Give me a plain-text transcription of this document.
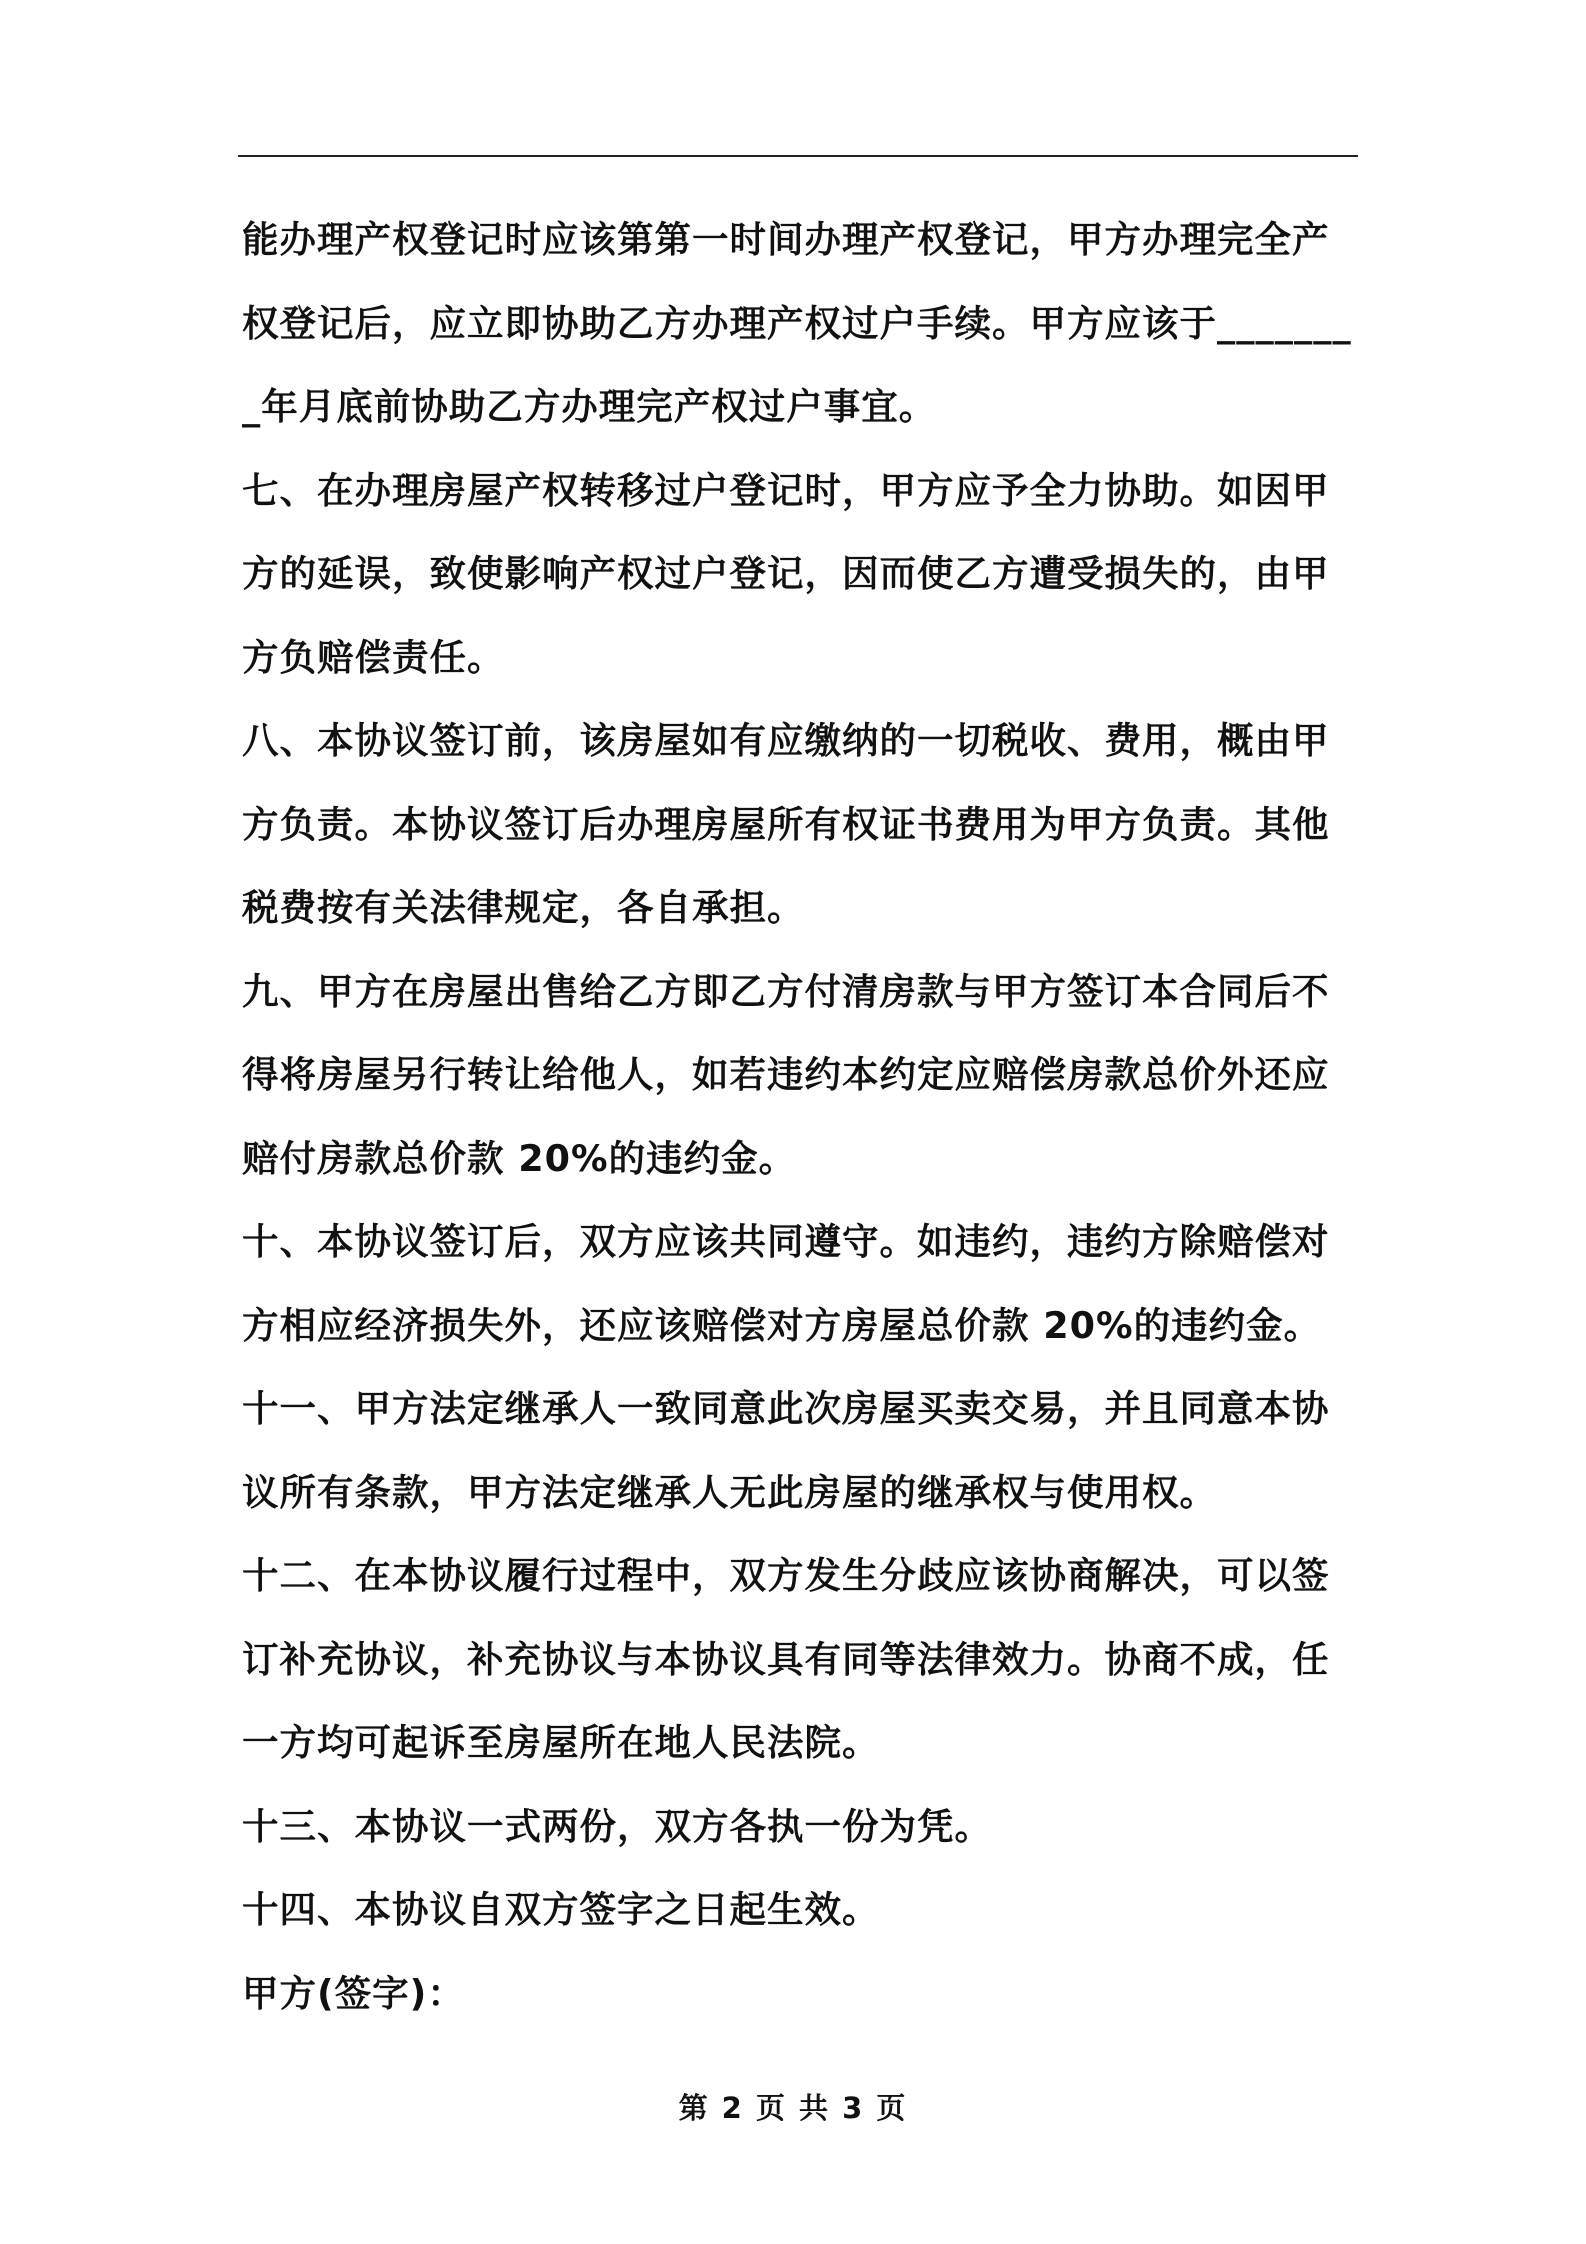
能办理产权登记时应该第第一时间办理产权登记，甲方办理完全产权登记后，应立即协助乙方办理产权过户手续。甲方应该于________年月底前协助乙方办理完产权过户事宜。

七、在办理房屋产权转移过户登记时，甲方应予全力协助。如因甲方的延误，致使影响产权过户登记，因而使乙方遭受损失的，由甲方负赔偿责任。

八、本协议签订前，该房屋如有应缴纳的一切税收、费用，概由甲方负责。本协议签订后办理房屋所有权证书费用为甲方负责。其他税费按有关法律规定，各自承担。

九、甲方在房屋出售给乙方即乙方付清房款与甲方签订本合同后不得将房屋另行转让给他人，如若违约本约定应赔偿房款总价外还应赔付房款总价款 20%的违约金。

十、本协议签订后，双方应该共同遵守。如违约，违约方除赔偿对方相应经济损失外，还应该赔偿对方房屋总价款 20%的违约金。

十一、甲方法定继承人一致同意此次房屋买卖交易，并且同意本协议所有条款，甲方法定继承人无此房屋的继承权与使用权。

十二、在本协议履行过程中，双方发生分歧应该协商解决，可以签订补充协议，补充协议与本协议具有同等法律效力。协商不成，任一方均可起诉至房屋所在地人民法院。

十三、本协议一式两份，双方各执一份为凭。

十四、本协议自双方签字之日起生效。

甲方(签字)：

第 2 页 共 3 页
